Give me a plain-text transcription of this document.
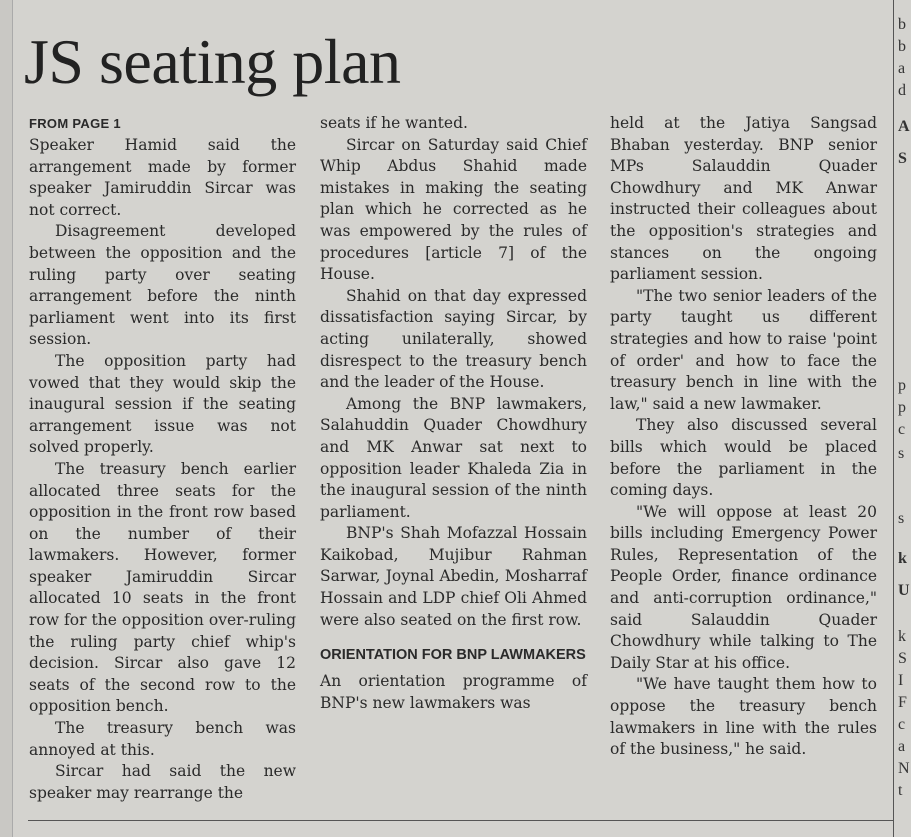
JS seating plan
FROM PAGE 1

Speaker Hamid said the arrangement made by former speaker Jamiruddin Sircar was not correct.

Disagreement developed between the opposition and the ruling party over seating arrangement before the ninth parliament went into its first session.

The opposition party had vowed that they would skip the inaugural session if the seating arrangement issue was not solved properly.

The treasury bench earlier allocated three seats for the opposition in the front row based on the number of their lawmakers. However, former speaker Jamiruddin Sircar allocated 10 seats in the front row for the opposition over-ruling the ruling party chief whip's decision. Sircar also gave 12 seats of the second row to the opposition bench.

The treasury bench was annoyed at this.

Sircar had said the new speaker may rearrange the

seats if he wanted.

Sircar on Saturday said Chief Whip Abdus Shahid made mistakes in making the seating plan which he corrected as he was empowered by the rules of procedures [article 7] of the House.

Shahid on that day expressed dissatisfaction saying Sircar, by acting unilaterally, showed disrespect to the treasury bench and the leader of the House.

Among the BNP lawmakers, Salahuddin Quader Chowdhury and MK Anwar sat next to opposition leader Khaleda Zia in the inaugural session of the ninth parliament.

BNP's Shah Mofazzal Hossain Kaikobad, Mujibur Rahman Sarwar, Joynal Abedin, Mosharraf Hossain and LDP chief Oli Ahmed were also seated on the first row.

ORIENTATION FOR BNP LAWMAKERS

An orientation programme of BNP's new lawmakers was

held at the Jatiya Sangsad Bhaban yesterday. BNP senior MPs Salauddin Quader Chowdhury and MK Anwar instructed their colleagues about the opposition's strategies and stances on the ongoing parliament session.

"The two senior leaders of the party taught us different strategies and how to raise 'point of order' and how to face the treasury bench in line with the law," said a new lawmaker.

They also discussed several bills which would be placed before the parliament in the coming days.

"We will oppose at least 20 bills including Emergency Power Rules, Representation of the People Order, finance ordinance and anti-corruption ordinance," said Salauddin Quader Chowdhury while talking to The Daily Star at his office.

"We have taught them how to oppose the treasury bench lawmakers in line with the rules of the business," he said.

b
b
a
d
A
S
p
p
c
s
s
k
U
k
S
I
F
c
a
N
t
